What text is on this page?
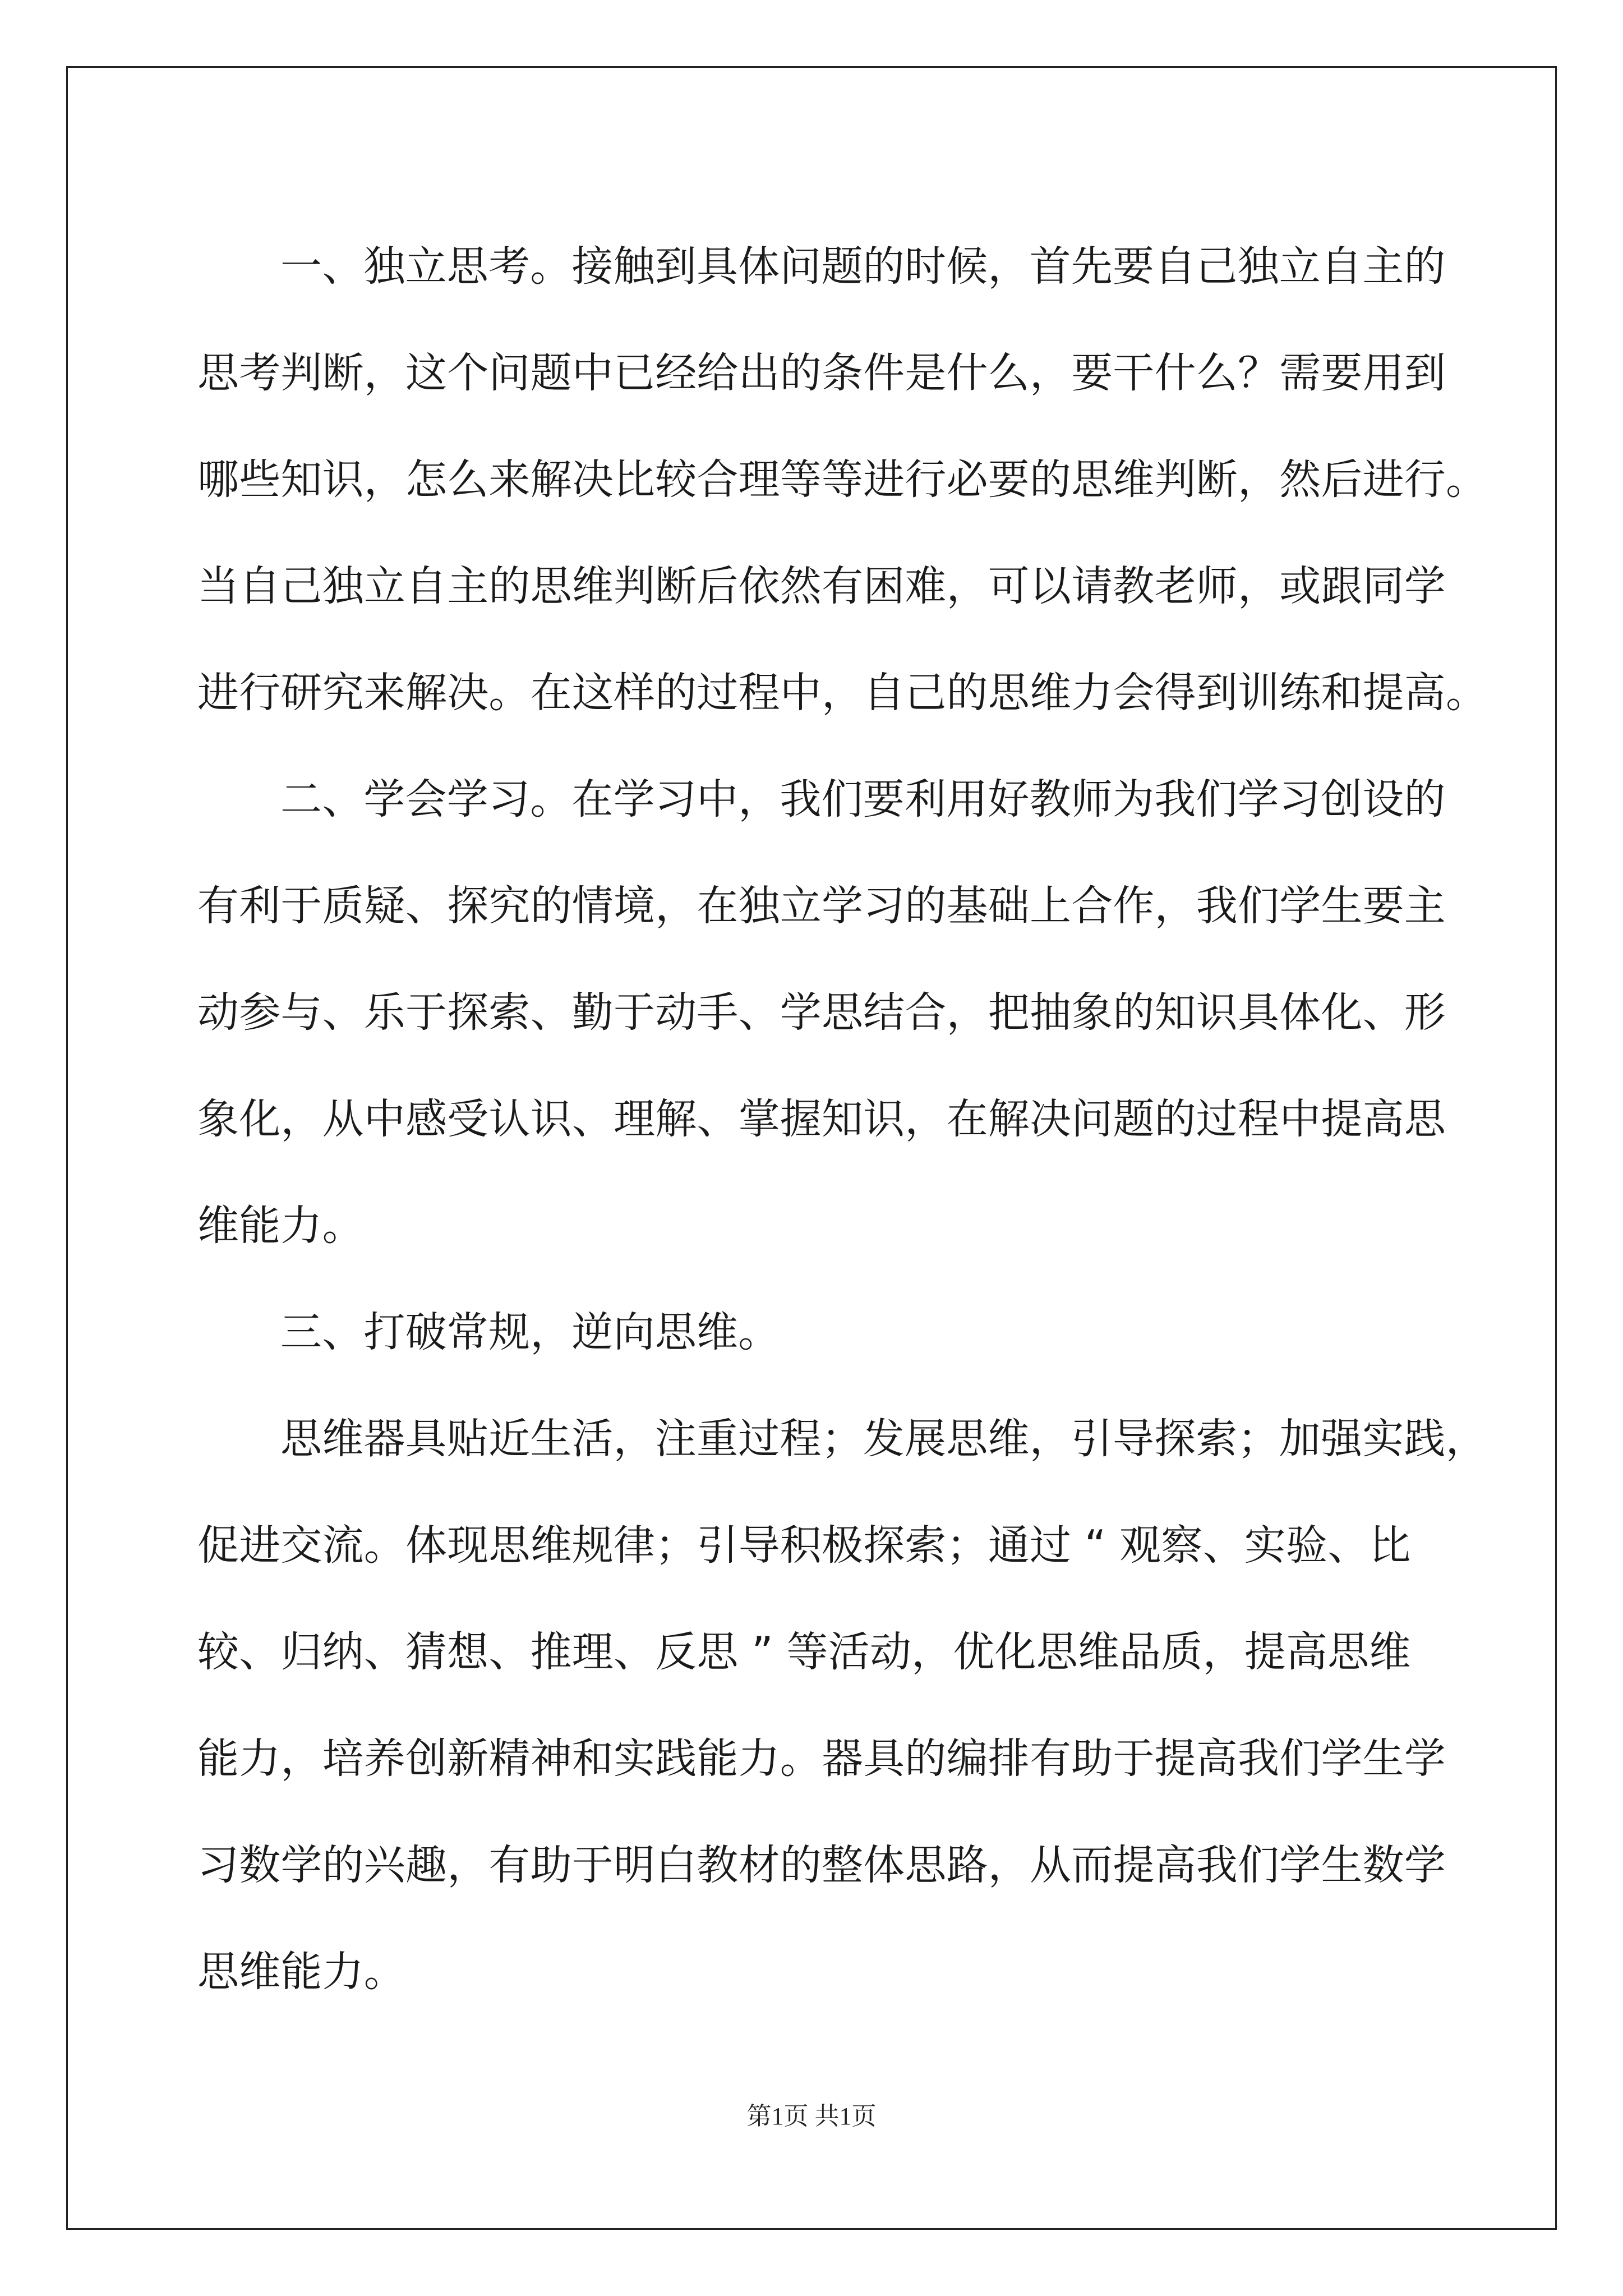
一、独立思考。接触到具体问题的时候，首先要自己独立自主的
思考判断，这个问题中已经给出的条件是什么，要干什么？需要用到
哪些知识，怎么来解决比较合理等等进行必要的思维判断，然后进行。
当自己独立自主的思维判断后依然有困难，可以请教老师，或跟同学
进行研究来解决。在这样的过程中，自己的思维力会得到训练和提高。

二、学会学习。在学习中，我们要利用好教师为我们学习创设的
有利于质疑、探究的情境，在独立学习的基础上合作，我们学生要主
动参与、乐于探索、勤于动手、学思结合，把抽象的知识具体化、形
象化，从中感受认识、理解、掌握知识，在解决问题的过程中提高思
维能力。

三、打破常规，逆向思维。

思维器具贴近生活，注重过程；发展思维，引导探索；加强实践，
促进交流。体现思维规律；引导积极探索；通过 “ 观察、实验、比
较、归纳、猜想、推理、反思 ” 等活动，优化思维品质，提高思维
能力，培养创新精神和实践能力。器具的编排有助于提高我们学生学
习数学的兴趣，有助于明白教材的整体思路，从而提高我们学生数学
思维能力。

第1页 共1页
